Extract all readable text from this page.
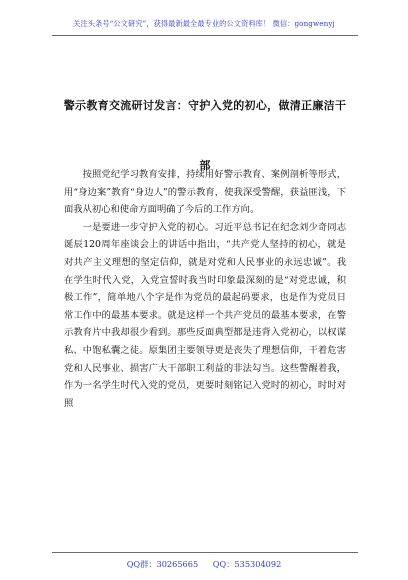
关注头条号“公文研究”，获得最新最全最专业的公文资料库！ 微信：gongwenyj
警示教育交流研讨发言：守护入党的初心，做清正廉洁干部

按照党纪学习教育安排，持续用好警示教育、案例剖析等形式，用“身边案”教育“身边人”的警示教育，使我深受警醒，获益匪浅，下面我从初心和使命方面明确了今后的工作方向。

一是要进一步守护入党的初心。习近平总书记在纪念刘少奇同志诞辰120周年座谈会上的讲话中指出，“共产党人坚持的初心，就是对共产主义理想的坚定信仰，就是对党和人民事业的永远忠诚”。我在学生时代入党，入党宣誓时我当时印象最深刻的是“对党忠诚，积极工作”，简单地八个字是作为党员的最起码要求，也是作为党员日常工作中的最基本要求。就是这样一个共产党员的最基本要求，在警示教育片中我却很少看到。那些反面典型都是违背入党初心，以权谋私、中饱私囊之徒。原集团主要领导更是丧失了理想信仰，干着危害党和人民事业、损害广大干部职工利益的非法勾当。这些警醒着我，作为一名学生时代入党的党员，更要时刻铭记入党时的初心，时时对照

QQ群：30265665 QQ：535304092
